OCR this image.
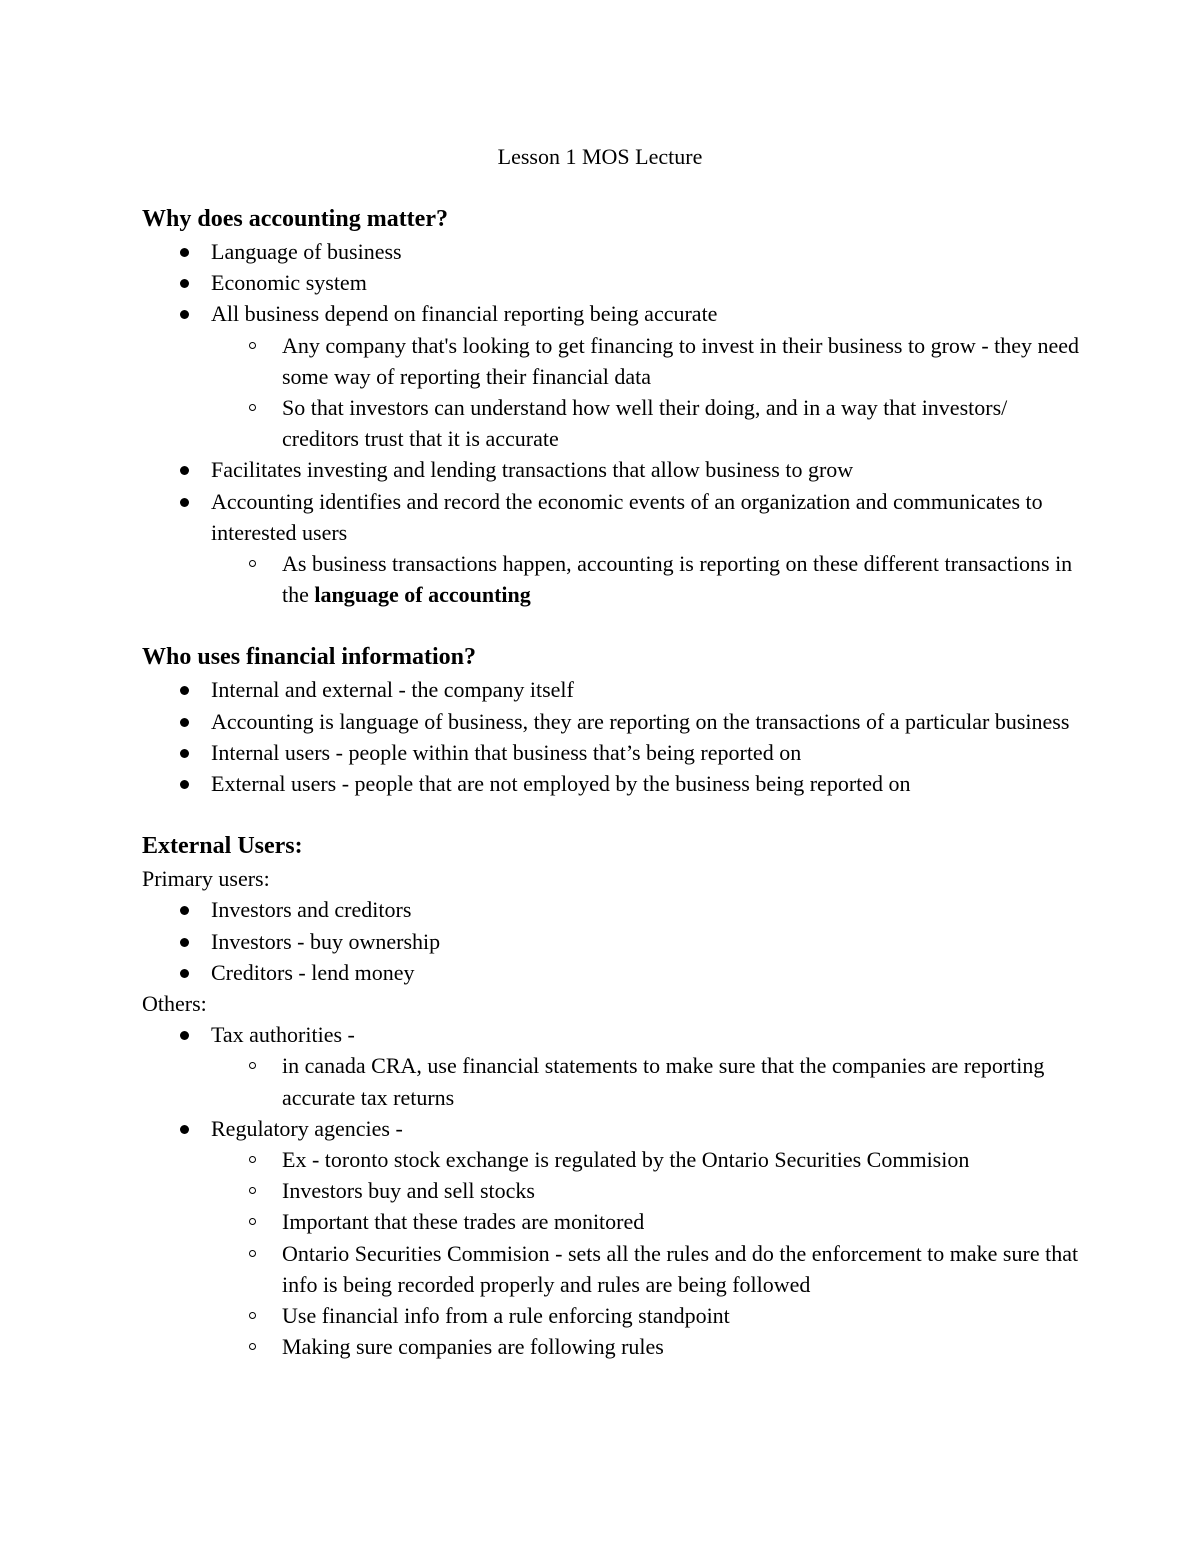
Lesson 1 MOS Lecture
Why does accounting matter?
Language of business
Economic system
All business depend on financial reporting being accurate
Any company that's looking to get financing to invest in their business to grow - they need some way of reporting their financial data
So that investors can understand how well their doing, and in a way that investors/ creditors trust that it is accurate
Facilitates investing and lending transactions that allow business to grow
Accounting identifies and record the economic events of an organization and communicates to interested users
As business transactions happen, accounting is reporting on these different transactions in the language of accounting
Who uses financial information?
Internal and external - the company itself
Accounting is language of business, they are reporting on the transactions of a particular business
Internal users - people within that business that’s being reported on
External users - people that are not employed by the business being reported on
External Users:

Primary users:

Investors and creditors
Investors - buy ownership
Creditors - lend money

Others:

Tax authorities -
in canada CRA, use financial statements to make sure that the companies are reporting accurate tax returns
Regulatory agencies -
Ex - toronto stock exchange is regulated by the Ontario Securities Commision
Investors buy and sell stocks
Important that these trades are monitored
Ontario Securities Commision - sets all the rules and do the enforcement to make sure that info is being recorded properly and rules are being followed
Use financial info from a rule enforcing standpoint
Making sure companies are following rules
